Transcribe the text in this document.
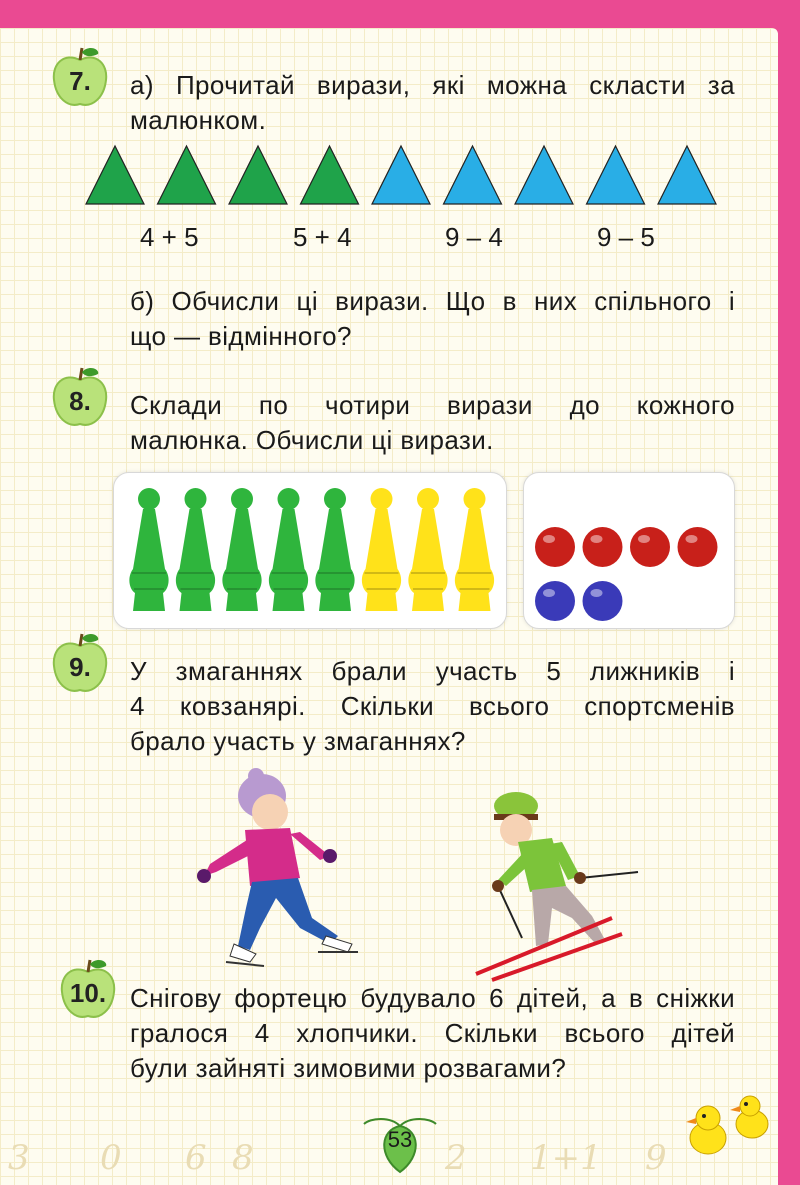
7.	а) Прочитай вирази, які можна скласти за
малюнком.
4 + 5	5 + 4	9 – 4	9 – 5
б) Обчисли ці вирази. Що в них спільного і
що — відмінного?
8.	Склади по чотири вирази до кожного
малюнка. Обчисли ці вирази.
9.	У змаганнях брали участь 5 лижників і
4 ковзанярі. Скільки всього спортсменів
брало участь у змаганнях?
10. Снігову фортецю будувало 6 дітей, а в сніжки
гралося 4 хлопчики. Скільки всього дітей
були зайняті зимовими розвагами?
3 0 6 8	2 1+1 9
53
